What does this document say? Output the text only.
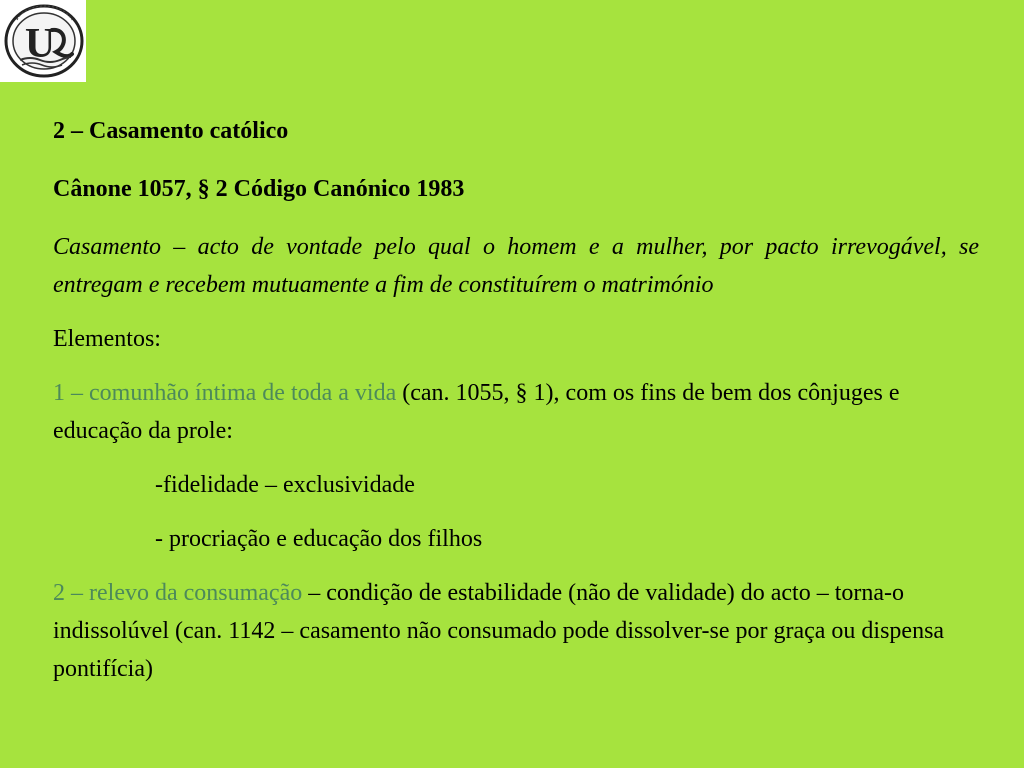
U
2 – Casamento católico
Cânone 1057, § 2 Código Canónico 1983
Casamento – acto de vontade pelo qual o homem e a mulher, por pacto irrevogável, se entregam e recebem mutuamente a fim de constituírem o matrimónio
Elementos:
1 – comunhão íntima de toda a vida (can. 1055, § 1), com os fins de bem dos cônjuges e educação da prole:
-fidelidade – exclusividade
- procriação e educação dos filhos
2 – relevo da consumação – condição de estabilidade (não de validade) do acto – torna-o indissolúvel (can. 1142 – casamento não consumado pode dissolver-se por graça ou dispensa pontifícia)
